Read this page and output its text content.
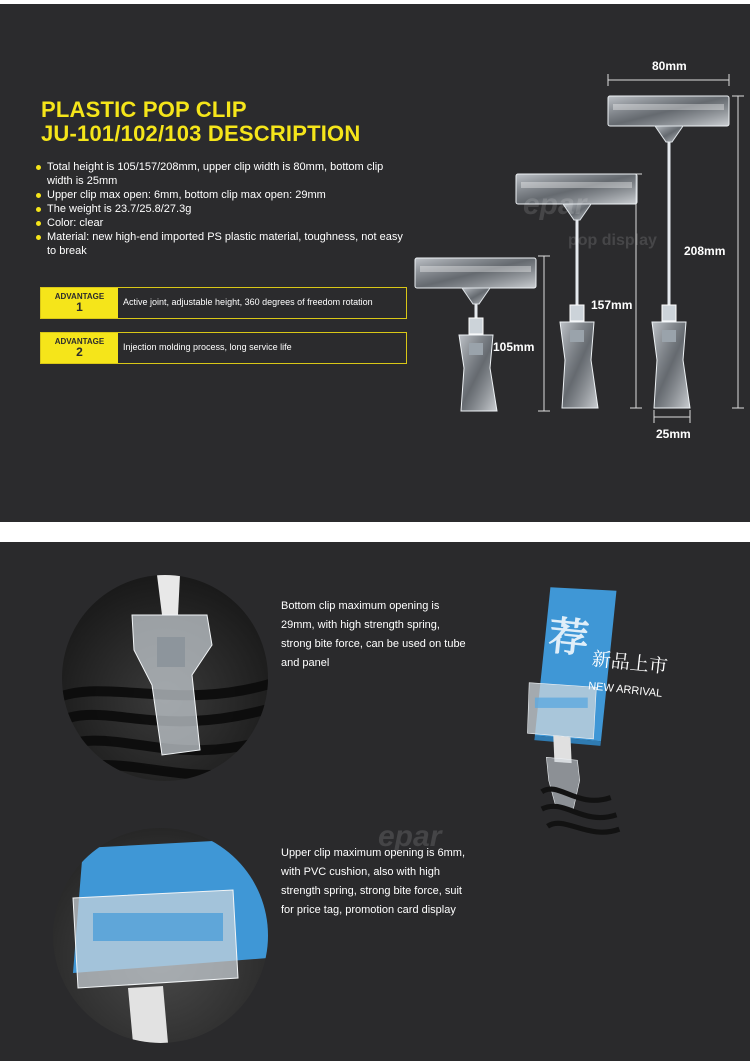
PLASTIC POP CLIP
JU-101/102/103 DESCRIPTION
Total height is 105/157/208mm, upper clip width is 80mm, bottom clip width is 25mm
Upper clip max open: 6mm, bottom clip max open: 29mm
The weight is 23.7/25.8/27.3g
Color: clear
Material: new high-end imported PS plastic material, toughness, not easy to break
ADVANTAGE
1	Active joint, adjustable height, 360 degrees of freedom rotation
ADVANTAGE
2	Injection molding process, long service life
epar
pop display
80mm
208mm
157mm
105mm
25mm
Bottom clip maximum opening is 29mm, with high strength spring, strong bite force, can be used on tube and panel
Upper clip maximum opening is 6mm, with PVC cushion, also with high strength spring, strong bite force, suit for price tag, promotion card display
epar
荐
新品上市
NEW ARRIVAL
